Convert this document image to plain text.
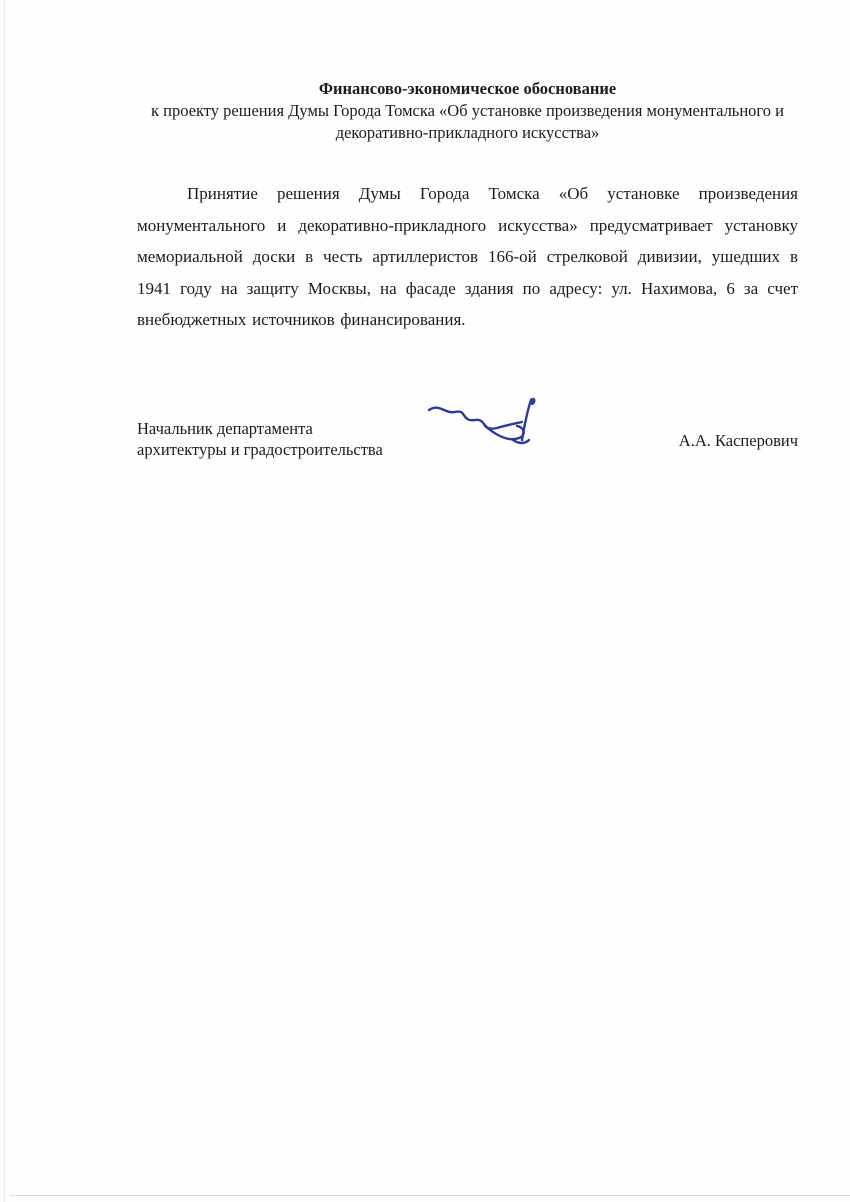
Финансово-экономическое обоснование
к проекту решения Думы Города Томска «Об установке произведения монументального и
декоративно-прикладного искусства»

Принятие решения Думы Города Томска «Об установке произведения монументального и декоративно-прикладного искусства» предусматривает установку мемориальной доски в честь артиллеристов 166-ой стрелковой дивизии, ушедших в 1941 году на защиту Москвы, на фасаде здания по адресу: ул. Нахимова, 6 за счет внебюджетных источников финансирования.

Начальник департамента
архитектуры и градостроительства	А.А. Касперович
